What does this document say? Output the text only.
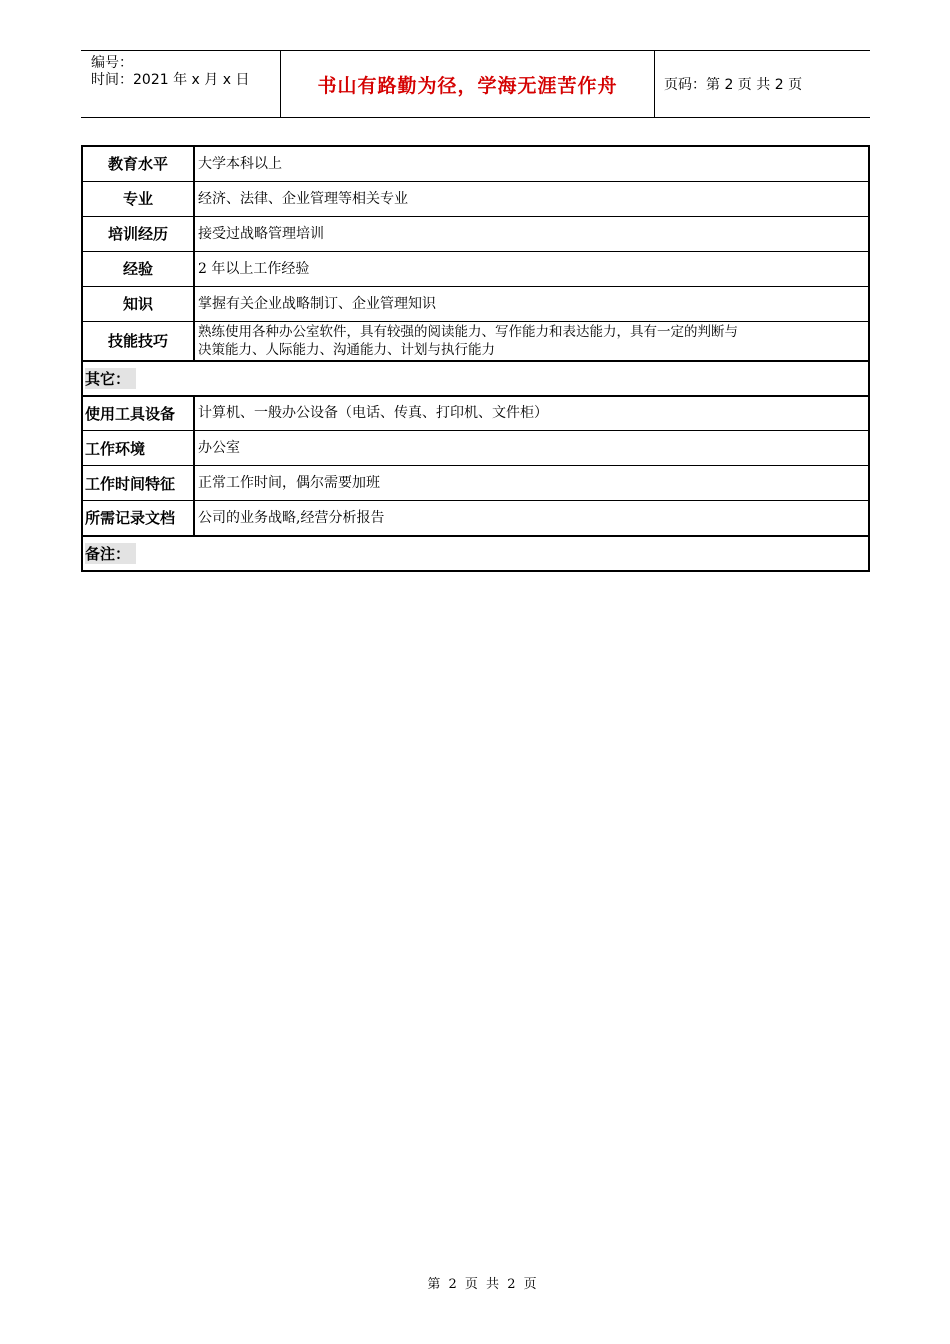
编号：
时间：2021 年 x 月 x 日	书山有路勤为径，学海无涯苦作舟	页码：第 2 页 共 2 页
教育水平	大学本科以上
专业	经济、法律、企业管理等相关专业
培训经历	接受过战略管理培训
经验	2 年以上工作经验
知识	掌握有关企业战略制订、企业管理知识
技能技巧	熟练使用各种办公室软件，具有较强的阅读能力、写作能力和表达能力，具有一定的判断与
决策能力、人际能力、沟通能力、计划与执行能力

其它：	
使用工具设备	计算机、一般办公设备（电话、传真、打印机、文件柜）
工作环境	办公室
工作时间特征	正常工作时间，偶尔需要加班
所需记录文档	公司的业务战略,经营分析报告
备注：	
第 2 页 共 2 页
